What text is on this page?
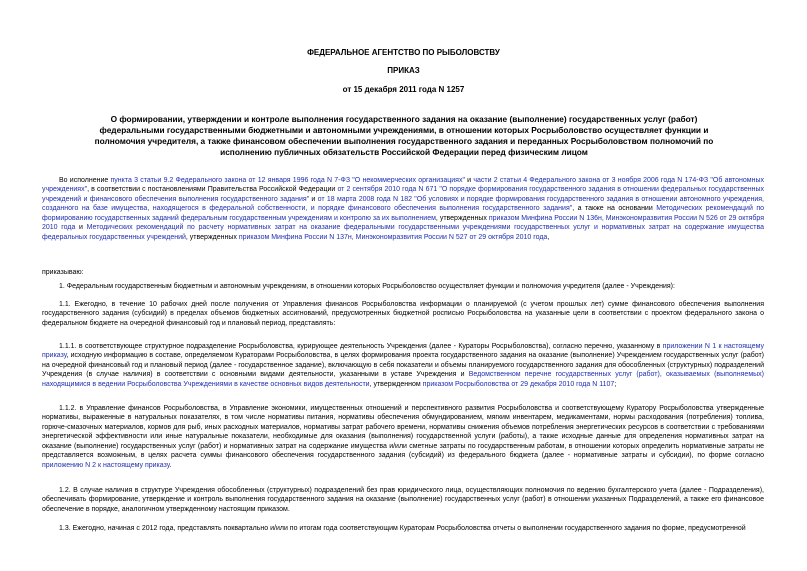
ФЕДЕРАЛЬНОЕ АГЕНТСТВО ПО РЫБОЛОВСТВУ
ПРИКАЗ
от 15 декабря 2011 года N 1257
О формировании, утверждении и контроле выполнения государственного задания на оказание (выполнение) государственных услуг (работ) федеральными государственными бюджетными и автономными учреждениями, в отношении которых Росрыболовство осуществляет функции и полномочия учредителя, а также финансовом обеспечении выполнения государственного задания и переданных Росрыболовством полномочий по исполнению публичных обязательств Российской Федерации перед физическим лицом
Во исполнение пункта 3 статьи 9.2 Федерального закона от 12 января 1996 года N 7-ФЗ "О некоммерческих организациях" и части 2 статьи 4 Федерального закона от 3 ноября 2006 года N 174-ФЗ "Об автономных учреждениях", в соответствии с постановлениями Правительства Российской Федерации от 2 сентября 2010 года N 671 "О порядке формирования государственного задания в отношении федеральных государственных учреждений и финансового обеспечения выполнения государственного задания" и от 18 марта 2008 года N 182 "Об условиях и порядке формирования государственного задания в отношении автономного учреждения, созданного на базе имущества, находящегося в федеральной собственности, и порядке финансового обеспечения выполнения государственного задания", а также на основании Методических рекомендаций по формированию государственных заданий федеральным государственным учреждениям и контролю за их выполнением, утвержденных приказом Минфина России N 136н, Минэкономразвития России N 526 от 29 октября 2010 года и Методических рекомендаций по расчету нормативных затрат на оказание федеральными государственными учреждениями государственных услуг и нормативных затрат на содержание имущества федеральных государственных учреждений, утвержденных приказом Минфина России N 137н, Минэкономразвития России N 527 от 29 октября 2010 года,
приказываю:
1. Федеральным государственным бюджетным и автономным учреждениям, в отношении которых Росрыболовство осуществляет функции и полномочия учредителя (далее - Учреждения):
1.1. Ежегодно, в течение 10 рабочих дней после получения от Управления финансов Росрыболовства информации о планируемой (с учетом прошлых лет) сумме финансового обеспечения выполнения государственного задания (субсидий) в пределах объемов бюджетных ассигнований, предусмотренных бюджетной росписью Росрыболовства на указанные цели в соответствии с проектом федерального закона о федеральном бюджете на очередной финансовый год и плановый период, представлять:
1.1.1. в соответствующее структурное подразделение Росрыболовства, курирующее деятельность Учреждения (далее - Кураторы Росрыболовства), согласно перечню, указанному в приложении N 1 к настоящему приказу, исходную информацию в составе, определяемом Кураторами Росрыболовства, в целях формирования проекта государственного задания на оказание (выполнение) Учреждением государственных услуг (работ) на очередной финансовый год и плановый период (далее - государственное задание), включающую в себя показатели и объемы планируемого государственного задания для обособленных (структурных) подразделений Учреждения (в случае наличия) в соответствии с основными видами деятельности, указанными в уставе Учреждения и Ведомственном перечне государственных услуг (работ), оказываемых (выполняемых) находящимися в ведении Росрыболовства Учреждениями в качестве основных видов деятельности, утвержденном приказом Росрыболовства от 29 декабря 2010 года N 1107;
1.1.2. в Управление финансов Росрыболовства, в Управление экономики, имущественных отношений и перспективного развития Росрыболовства и соответствующему Куратору Росрыболовства утвержденные нормативы, выраженные в натуральных показателях, в том числе нормативы питания, нормативы обеспечения обмундированием, мягким инвентарем, медикаментами, нормы расходования (потребления) топлива, горюче-смазочных материалов, кормов для рыб, иных расходных материалов, нормативы затрат рабочего времени, нормативы снижения объемов потребления энергетических ресурсов в соответствии с требованиями энергетической эффективности или иные натуральные показатели, необходимые для оказания (выполнения) государственной услуги (работы), а также исходные данные для определения нормативных затрат на оказание (выполнение) государственных услуг (работ) и нормативных затрат на содержание имущества и/или сметные затраты по государственным работам, в отношении которых определить нормативные затраты не представляется возможным, в целях расчета суммы финансового обеспечения государственного задания (субсидий) из федерального бюджета (далее - нормативные затраты и субсидии), по форме согласно приложению N 2 к настоящему приказу.
1.2. В случае наличия в структуре Учреждения обособленных (структурных) подразделений без прав юридического лица, осуществляющих полномочия по ведению бухгалтерского учета (далее - Подразделения), обеспечивать формирование, утверждение и контроль выполнения государственного задания на оказание (выполнение) государственных услуг (работ) в отношении указанных Подразделений, а также его финансовое обеспечение в порядке, аналогичном утвержденному настоящим приказом.
1.3. Ежегодно, начиная с 2012 года, представлять поквартально и/или по итогам года соответствующим Кураторам Росрыболовства отчеты о выполнении государственного задания по форме, предусмотренной
